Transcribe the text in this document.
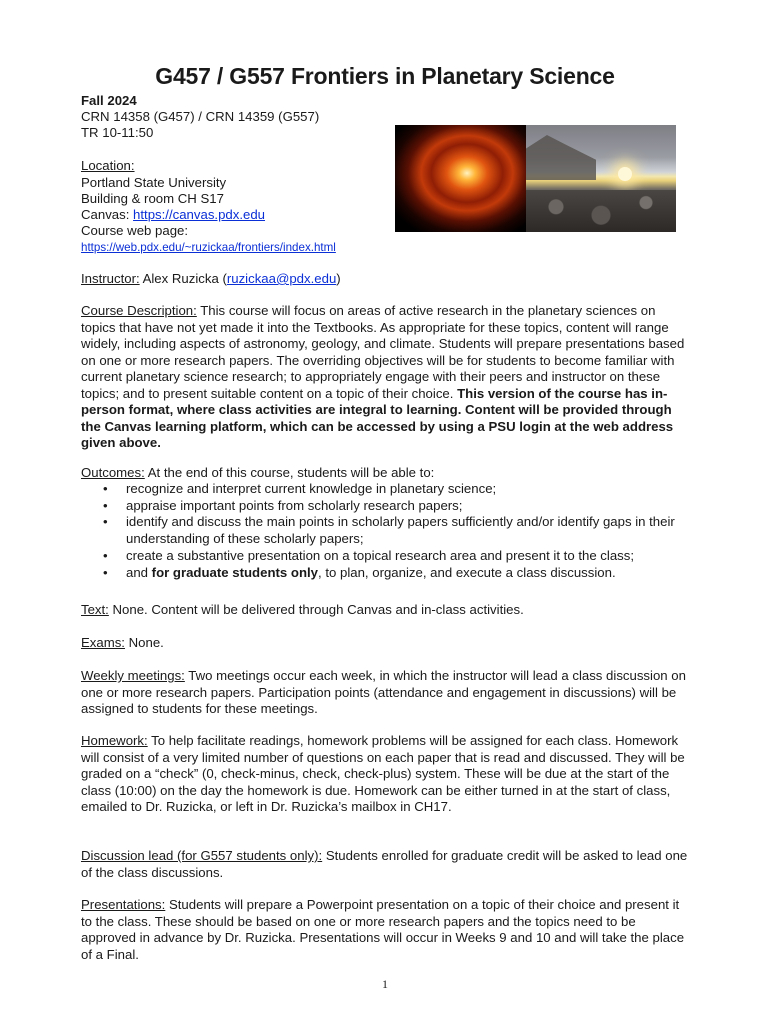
G457 / G557 Frontiers in Planetary Science
Fall 2024
CRN 14358 (G457) / CRN 14359 (G557)
TR 10-11:50
Location:
Portland State University
Building & room CH S17
Canvas: https://canvas.pdx.edu
Course web page:
https://web.pdx.edu/~ruzickaa/frontiers/index.html
Instructor: Alex Ruzicka (ruzickaa@pdx.edu)

Course Description: This course will focus on areas of active research in the planetary sciences on topics that have not yet made it into the Textbooks. As appropriate for these topics, content will range widely, including aspects of astronomy, geology, and climate. Students will prepare presentations based on one or more research papers. The overriding objectives will be for students to become familiar with current planetary science research; to appropriately engage with their peers and instructor on these topics; and to present suitable content on a topic of their choice. This version of the course has in-person format, where class activities are integral to learning. Content will be provided through the Canvas learning platform, which can be accessed by using a PSU login at the web address given above.

Outcomes: At the end of this course, students will be able to:
• recognize and interpret current knowledge in planetary science;
• appraise important points from scholarly research papers;
• identify and discuss the main points in scholarly papers sufficiently and/or identify gaps in their understanding of these scholarly papers;
• create a substantive presentation on a topical research area and present it to the class;
• and for graduate students only, to plan, organize, and execute a class discussion.
Text: None. Content will be delivered through Canvas and in-class activities.
Exams: None.

Weekly meetings: Two meetings occur each week, in which the instructor will lead a class discussion on one or more research papers. Participation points (attendance and engagement in discussions) will be assigned to students for these meetings.

Homework: To help facilitate readings, homework problems will be assigned for each class. Homework will consist of a very limited number of questions on each paper that is read and discussed. They will be graded on a “check” (0, check-minus, check, check-plus) system. These will be due at the start of the class (10:00) on the day the homework is due. Homework can be either turned in at the start of class, emailed to Dr. Ruzicka, or left in Dr. Ruzicka’s mailbox in CH17.

Discussion lead (for G557 students only): Students enrolled for graduate credit will be asked to lead one of the class discussions.

Presentations: Students will prepare a Powerpoint presentation on a topic of their choice and present it to the class. These should be based on one or more research papers and the topics need to be approved in advance by Dr. Ruzicka. Presentations will occur in Weeks 9 and 10 and will take the place of a Final.

1
